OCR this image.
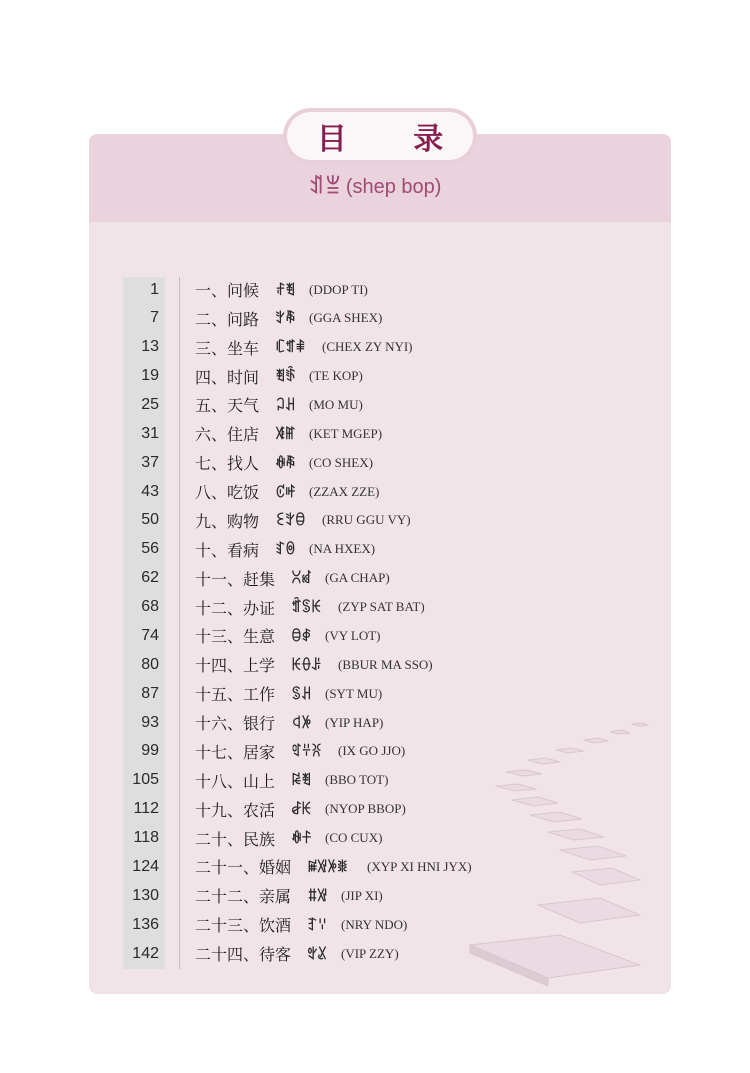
目 录
ꀊꁈ (shep bop)
1	一、问候 ꄙꄮ (DDOP TI)
7	二、问路 ꇬꎹ (GGA SHEX)
13	三、坐车 ꏸꍽꑌ (CHEX ZY NYI)
19	四、时间 ꄮꈇ (TE KOP)
25	五、天气 ꃀꃅ (MO MU)
31	六、住店 ꇨꂵ (KET MGEP)
37	七、找人 ꊿꎹ (CO SHEX)
43	八、吃饭 ꊐꊓ (ZZAX ZZE)
50	九、购物 ꏂꇬꃪ (RRU GGU VY)
56	十、看病 ꆏꉻ (NA HXEX)
62	十一、赶集 ꇤꏼ (GA CHAP)
68	十二、办证 ꍼꌗꀘ (ZYP SAT BAT)
74	十三、生意 ꃪꇉ (VY LOT)
80	十四、上学 ꀘꂷꌠ (BBUR MA SSO)
87	十五、工作 ꌗꃅ (SYT MU)
93	十六、银行 ꒉꉼ (YIP HAP)
99	十七、居家 ꑽꇭꐦ (IX GO JJO)
105	十八、山上 ꀙꄮ (BBO TOT)
112	十九、农活 ꆀꀘ (NYOP BBOP)
118	二十、民族 ꊿꊰ (CO CUX)
124	二十一、婚姻 ꏜꑟꉼꒌ (XYP XI HNI JYX)
130	二十二、亲属 ꐚꑟ (JIP XI)
136	二十三、饮酒 ꆈꈌ (NRY NDO)
142	二十四、待客 ꃰꊪ (VIP ZZY)
